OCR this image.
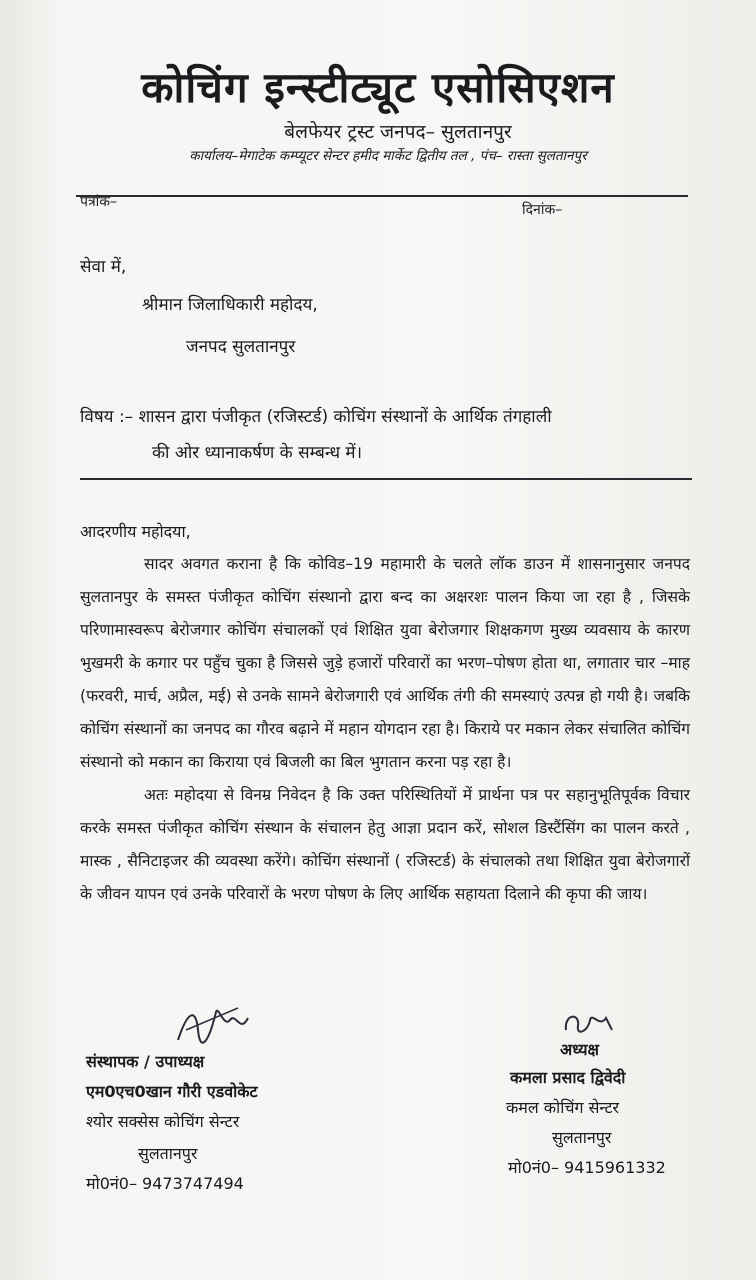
कोचिंग इन्स्टीट्यूट एसोसिएशन
बेलफेयर ट्रस्ट जनपद– सुलतानपुर
कार्यालय–मेगाटेक कम्प्यूटर सेन्टर हमीद मार्केट द्वितीय तल , पंच– रास्ता सुलतानपुर
पत्रांक–	दिनांक–
सेवा में,
श्रीमान जिलाधिकारी महोदय,
जनपद सुलतानपुर
विषय :– शासन द्वारा पंजीकृत (रजिस्टर्ड) कोचिंग संस्थानों के आर्थिक तंगहाली
की ओर ध्यानाकर्षण के सम्बन्ध में।
आदरणीय महोदया,

सादर अवगत कराना है कि कोविड–19 महामारी के चलते लॉक डाउन में शासनानुसार जनपद सुलतानपुर के समस्त पंजीकृत कोचिंग संस्थानो द्वारा बन्द का अक्षरशः पालन किया जा रहा है , जिसके परिणामास्वरूप बेरोजगार कोचिंग संचालकों एवं शिक्षित युवा बेरोजगार शिक्षकगण मुख्य व्यवसाय के कारण भुखमरी के कगार पर पहुँच चुका है जिससे जुड़े हजारों परिवारों का भरण–पोषण होता था, लगातार चार –माह (फरवरी, मार्च, अप्रैल, मई) से उनके सामने बेरोजगारी एवं आर्थिक तंगी की समस्याएं उत्पन्न हो गयी है। जबकि कोचिंग संस्थानों का जनपद का गौरव बढ़ाने में महान योगदान रहा है। किराये पर मकान लेकर संचालित कोचिंग संस्थानो को मकान का किराया एवं बिजली का बिल भुगतान करना पड़ रहा है।

अतः महोदया से विनम्र निवेदन है कि उक्त परिस्थितियों में प्रार्थना पत्र पर सहानुभूतिपूर्वक विचार करके समस्त पंजीकृत कोचिंग संस्थान के संचालन हेतु आज्ञा प्रदान करें, सोशल डिस्टैंसिंग का पालन करते , मास्क , सैनिटाइजर की व्यवस्था करेंगे। कोचिंग संस्थानों ( रजिस्टर्ड) के संचालको तथा शिक्षित युवा बेरोजगारों के जीवन यापन एवं उनके परिवारों के भरण पोषण के लिए आर्थिक सहायता दिलाने की कृपा की जाय।

संस्थापक / उपाध्यक्ष
एम0एच0खान गौरी एडवोकेट
श्योर सक्सेस कोचिंग सेन्टर
सुलतानपुर
मो0नं0– 9473747494
अध्यक्ष
कमला प्रसाद द्विवेदी
कमल कोचिंग सेन्टर
सुलतानपुर
मो0नं0– 9415961332
